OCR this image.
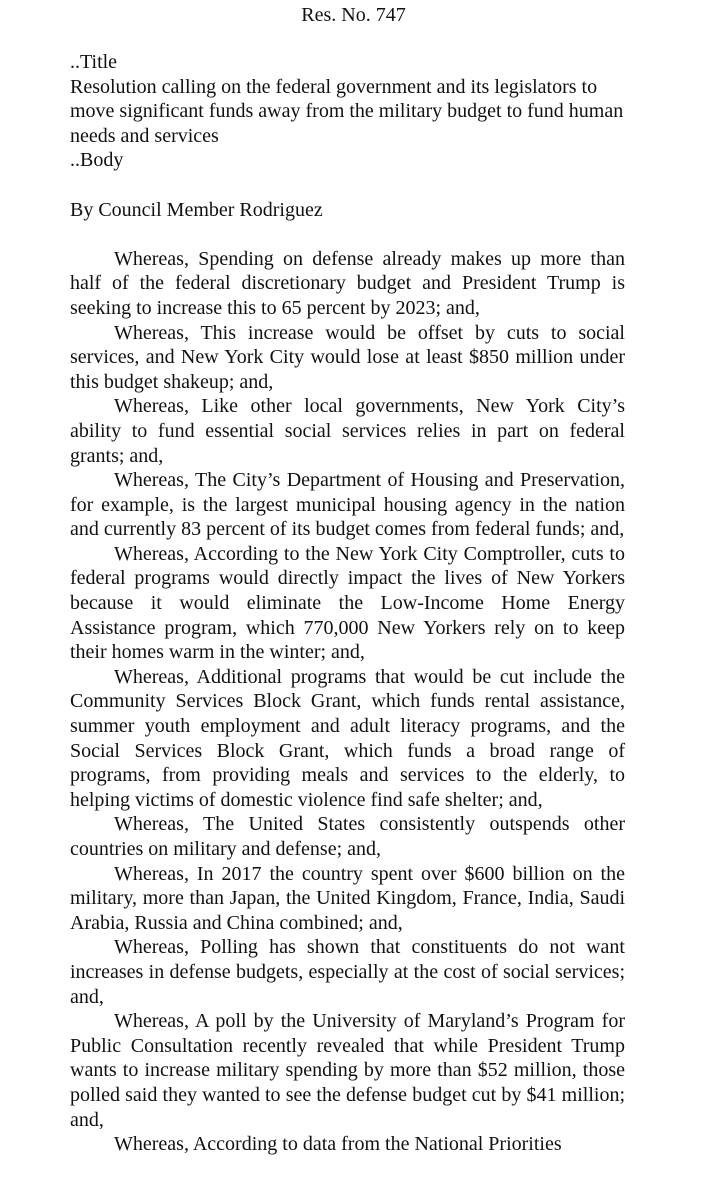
Res. No. 747

..Title

Resolution calling on the federal government and its legislators to move significant funds away from the military budget to fund human needs and services

..Body

By Council Member Rodriguez

Whereas, Spending on defense already makes up more than half of the federal discretionary budget and President Trump is seeking to increase this to 65 percent by 2023; and,

Whereas, This increase would be offset by cuts to social services, and New York City would lose at least $850 million under this budget shakeup; and,

Whereas, Like other local governments, New York City’s ability to fund essential social services relies in part on federal grants; and,

Whereas, The City’s Department of Housing and Preservation, for example, is the largest municipal housing agency in the nation and currently 83 percent of its budget comes from federal funds; and,

Whereas, According to the New York City Comptroller, cuts to federal programs would directly impact the lives of New Yorkers because it would eliminate the Low-Income Home Energy Assistance program, which 770,000 New Yorkers rely on to keep their homes warm in the winter; and,

Whereas, Additional programs that would be cut include the Community Services Block Grant, which funds rental assistance, summer youth employment and adult literacy programs, and the Social Services Block Grant, which funds a broad range of programs, from providing meals and services to the elderly, to helping victims of domestic violence find safe shelter; and,

Whereas, The United States consistently outspends other countries on military and defense; and,

Whereas, In 2017 the country spent over $600 billion on the military, more than Japan, the United Kingdom, France, India, Saudi Arabia, Russia and China combined; and,

Whereas, Polling has shown that constituents do not want increases in defense budgets, especially at the cost of social services; and,

Whereas, A poll by the University of Maryland’s Program for Public Consultation recently revealed that while President Trump wants to increase military spending by more than $52 million, those polled said they wanted to see the defense budget cut by $41 million; and,

Whereas, According to data from the National Priorities
